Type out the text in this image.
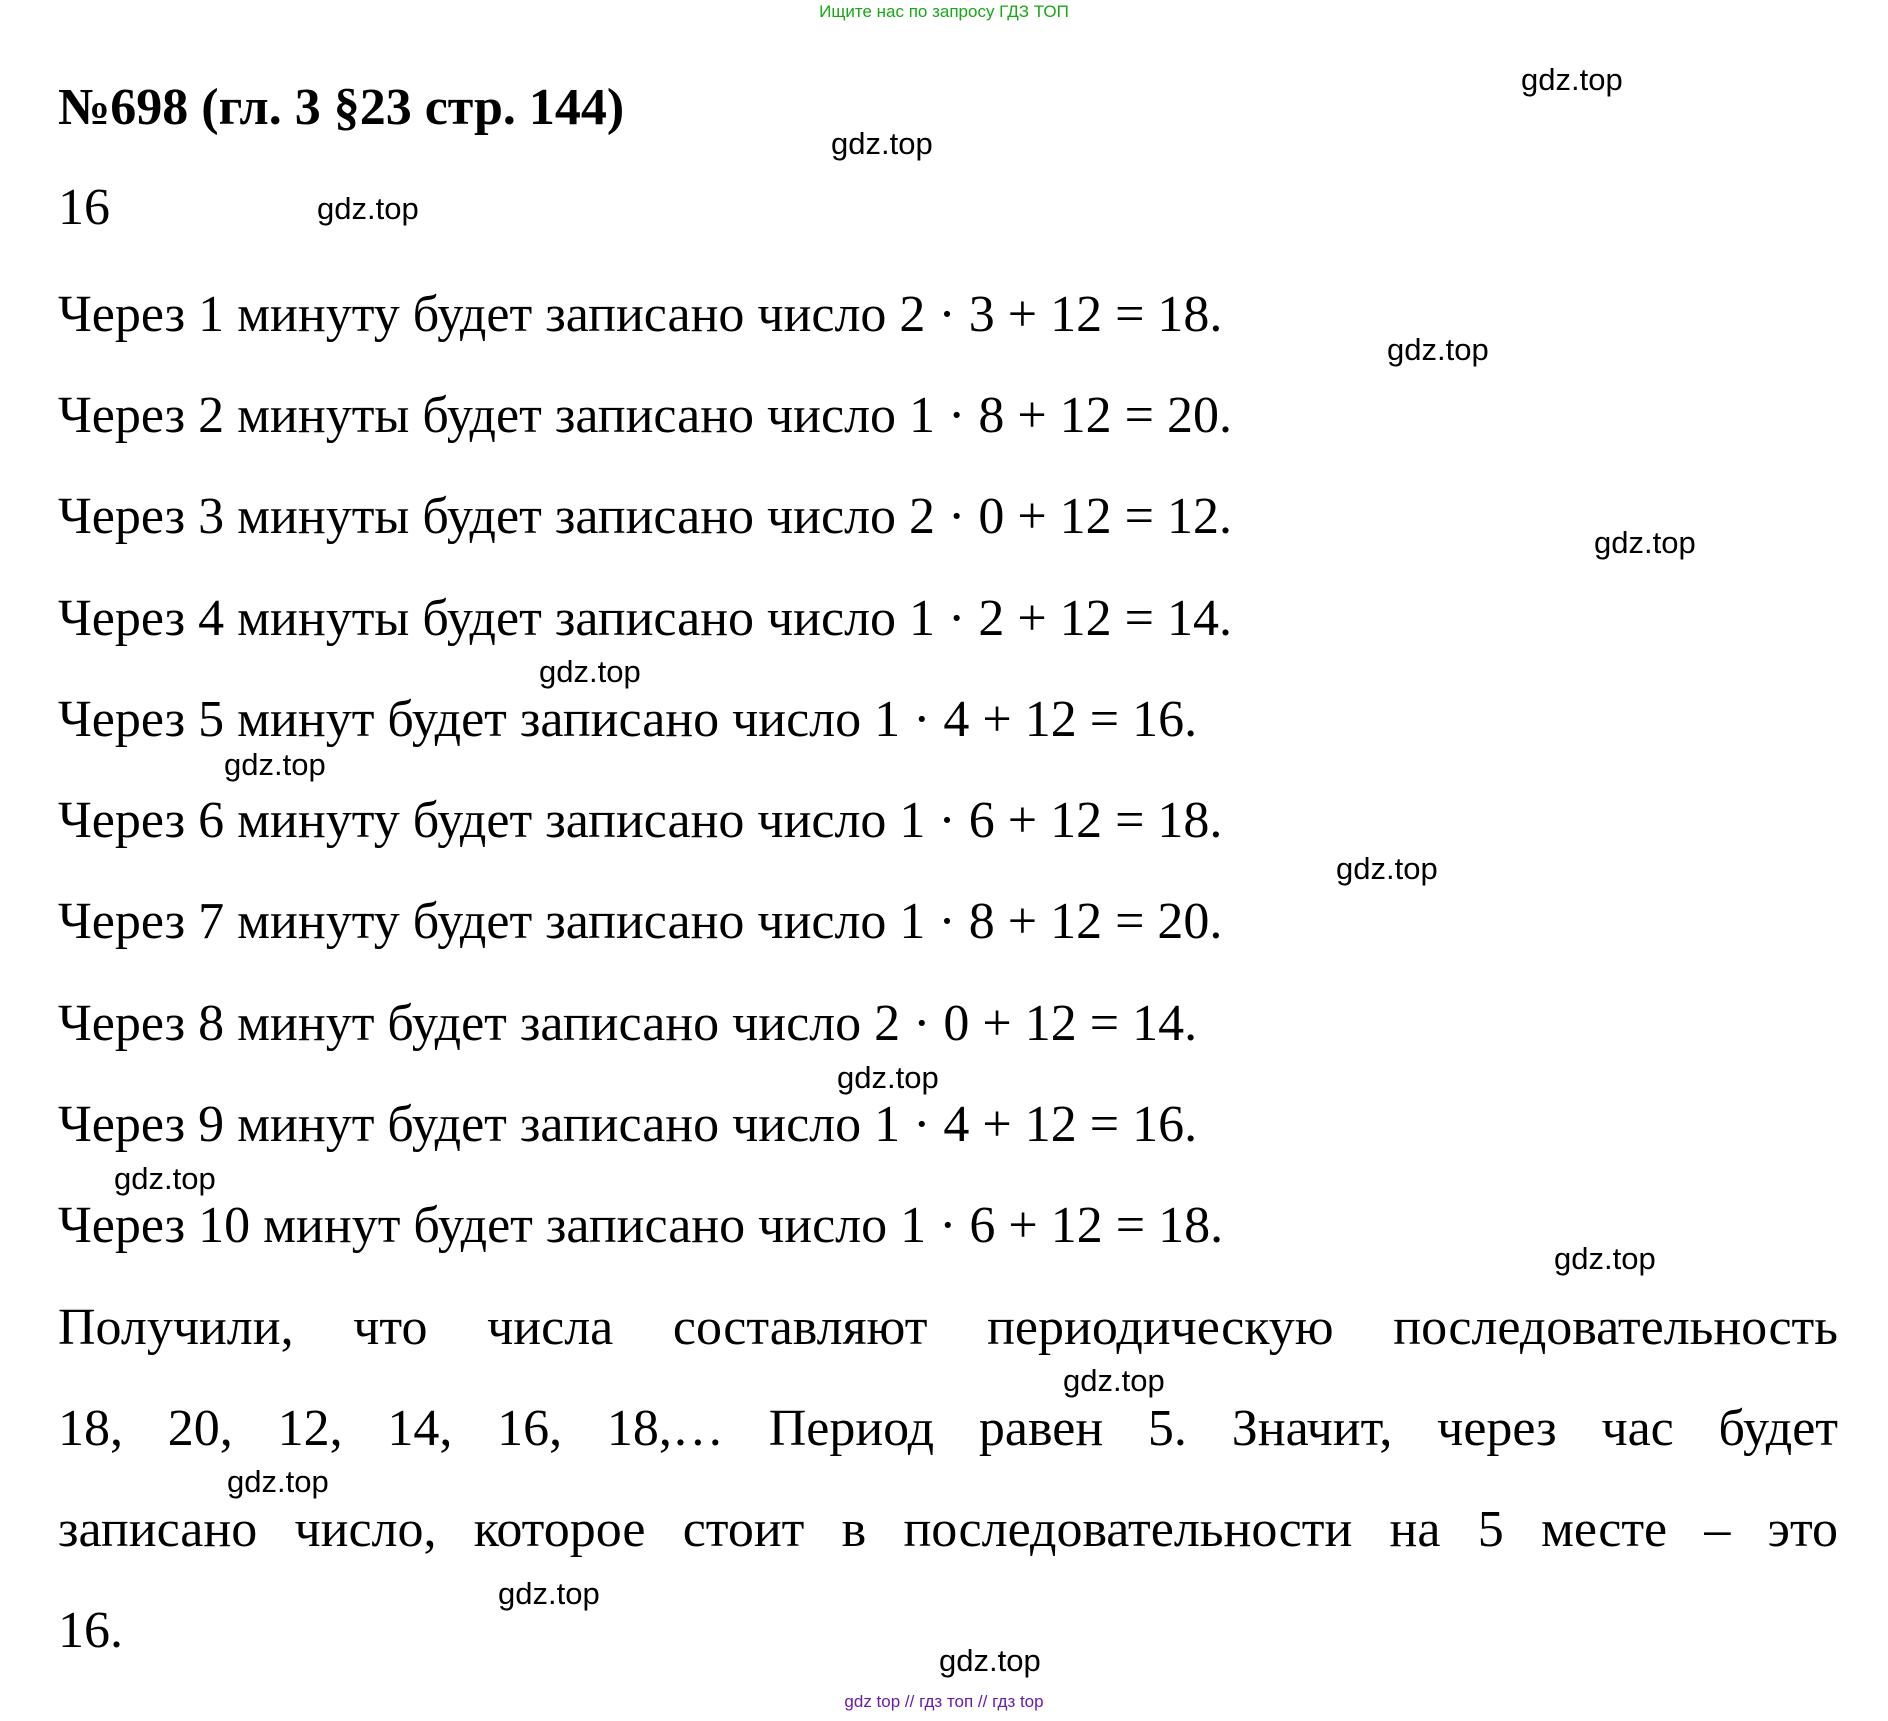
Ищите нас по запросу ГДЗ ТОП
№698 (гл. 3 §23 стр. 144)
16
Через 1 минуту будет записано число 2 · 3 + 12 = 18.
Через 2 минуты будет записано число 1 · 8 + 12 = 20.
Через 3 минуты будет записано число 2 · 0 + 12 = 12.
Через 4 минуты будет записано число 1 · 2 + 12 = 14.
Через 5 минут будет записано число 1 · 4 + 12 = 16.
Через 6 минуту будет записано число 1 · 6 + 12 = 18.
Через 7 минуту будет записано число 1 · 8 + 12 = 20.
Через 8 минут будет записано число 2 · 0 + 12 = 14.
Через 9 минут будет записано число 1 · 4 + 12 = 16.
Через 10 минут будет записано число 1 · 6 + 12 = 18.
Получили, что числа составляют периодическую последовательность
18, 20, 12, 14, 16, 18,… Период равен 5. Значит, через час будет
записано число, которое стоит в последовательности на 5 месте – это
16.
gdz.top
gdz.top
gdz.top
gdz.top
gdz.top
gdz.top
gdz.top
gdz.top
gdz.top
gdz.top
gdz.top
gdz.top
gdz.top
gdz.top
gdz.top
gdz top // гдз топ // гдз top
